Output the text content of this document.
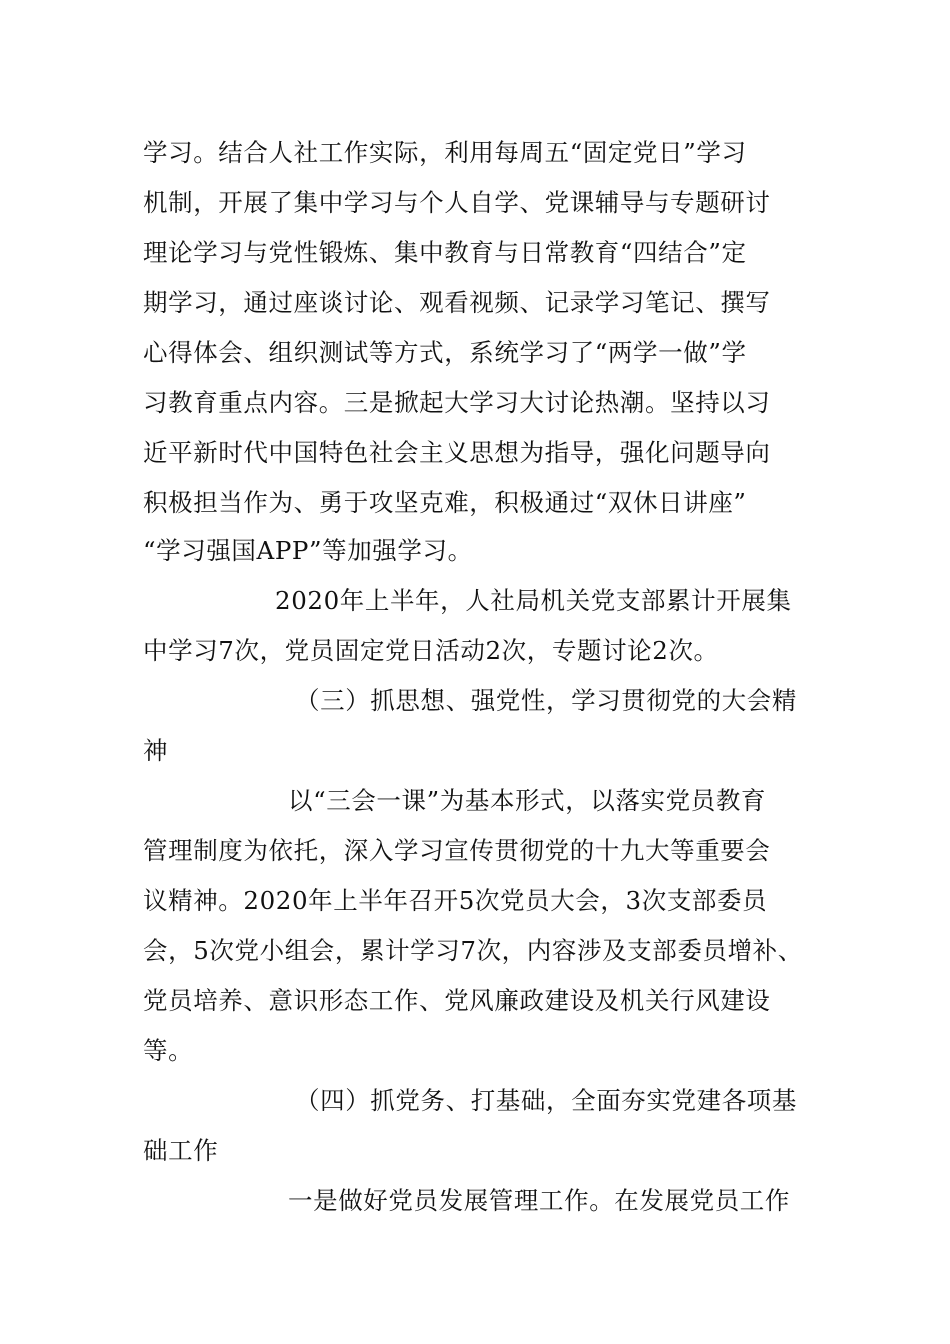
学习。结合人社工作实际，利用每周五“固定党日”学习
机制，开展了集中学习与个人自学、党课辅导与专题研讨
理论学习与党性锻炼、集中教育与日常教育“四结合”定
期学习，通过座谈讨论、观看视频、记录学习笔记、撰写
心得体会、组织测试等方式，系统学习了“两学一做”学
习教育重点内容。三是掀起大学习大讨论热潮。坚持以习
近平新时代中国特色社会主义思想为指导，强化问题导向
积极担当作为、勇于攻坚克难，积极通过“双休日讲座”
“学习强国APP”等加强学习。
2020年上半年，人社局机关党支部累计开展集
中学习7次，党员固定党日活动2次，专题讨论2次。
（三）抓思想、强党性，学习贯彻党的大会精
神
以“三会一课”为基本形式，以落实党员教育
管理制度为依托，深入学习宣传贯彻党的十九大等重要会
议精神。2020年上半年召开5次党员大会，3次支部委员
会，5次党小组会，累计学习7次，内容涉及支部委员增补、
党员培养、意识形态工作、党风廉政建设及机关行风建设
等。
（四）抓党务、打基础，全面夯实党建各项基
础工作
一是做好党员发展管理工作。在发展党员工作
